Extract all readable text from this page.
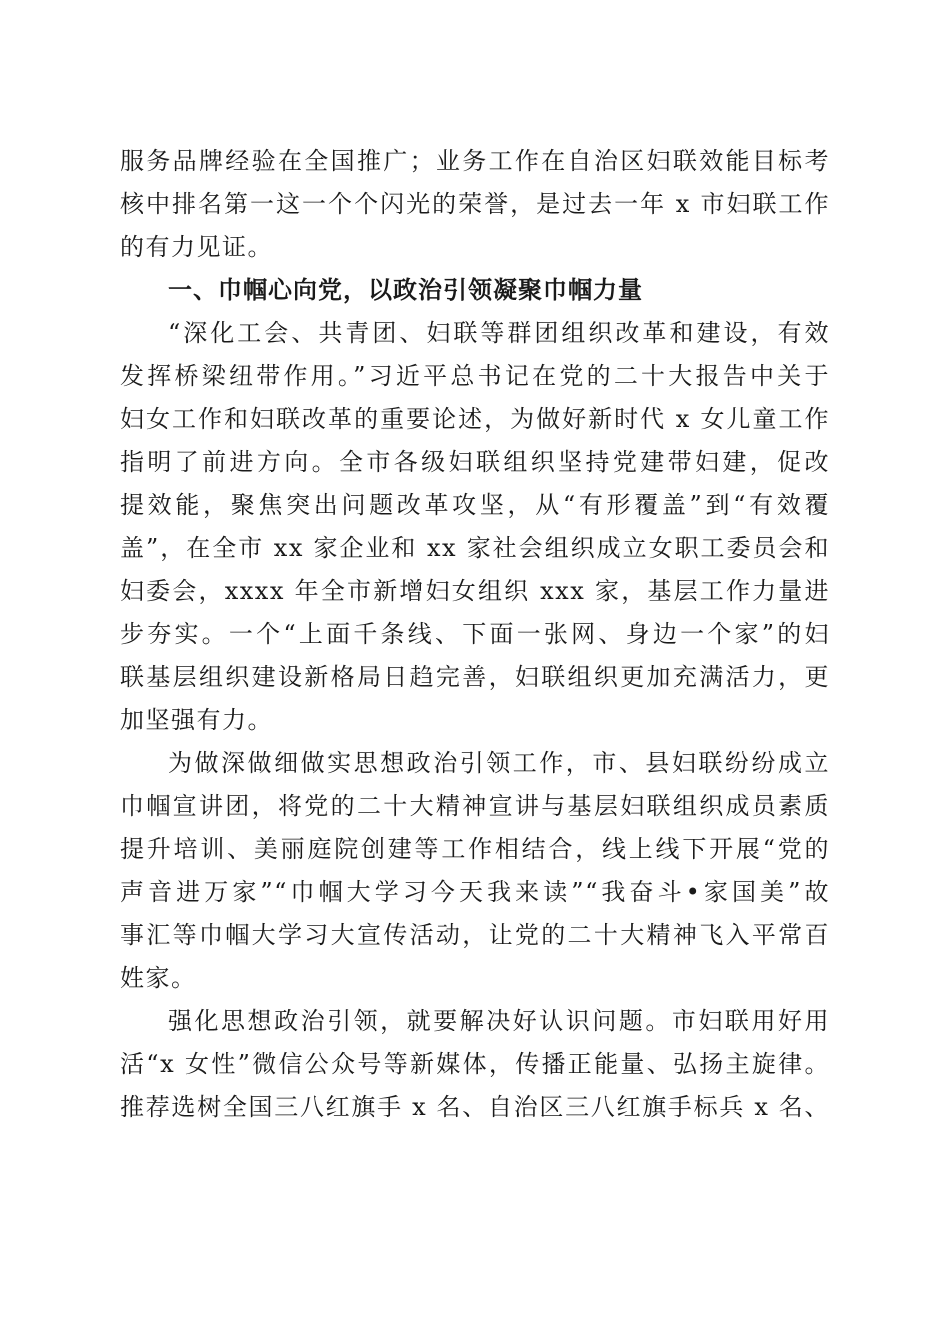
服务品牌经验在全国推广；业务工作在自治区妇联效能目标考
核中排名第一这一个个闪光的荣誉，是过去一年 x 市妇联工作
的有力见证。
一、巾帼心向党，以政治引领凝聚巾帼力量
“深化工会、共青团、妇联等群团组织改革和建设，有效
发挥桥梁纽带作用。”习近平总书记在党的二十大报告中关于
妇女工作和妇联改革的重要论述，为做好新时代 x 女儿童工作
指明了前进方向。全市各级妇联组织坚持党建带妇建，促改
提效能，聚焦突出问题改革攻坚，从“有形覆盖”到“有效覆
盖”，在全市 xx 家企业和 xx 家社会组织成立女职工委员会和
妇委会，xxxx 年全市新增妇女组织 xxx 家，基层工作力量进
步夯实。一个“上面千条线、下面一张网、身边一个家”的妇
联基层组织建设新格局日趋完善，妇联组织更加充满活力，更
加坚强有力。
为做深做细做实思想政治引领工作，市、县妇联纷纷成立
巾帼宣讲团，将党的二十大精神宣讲与基层妇联组织成员素质
提升培训、美丽庭院创建等工作相结合，线上线下开展“党的
声音进万家”“巾帼大学习今天我来读”“我奋斗•家国美”故
事汇等巾帼大学习大宣传活动，让党的二十大精神飞入平常百
姓家。
强化思想政治引领，就要解决好认识问题。市妇联用好用
活“x 女性”微信公众号等新媒体，传播正能量、弘扬主旋律。
推荐选树全国三八红旗手 x 名、自治区三八红旗手标兵 x 名、
